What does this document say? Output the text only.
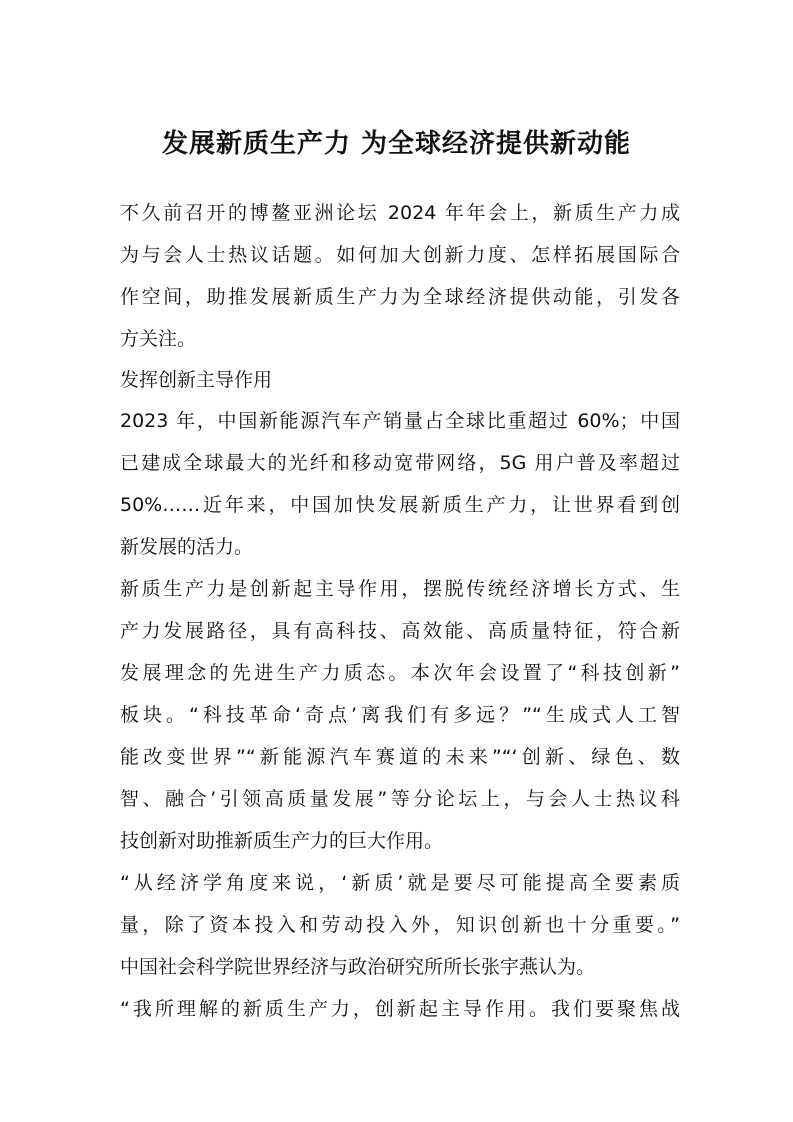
发展新质生产力 为全球经济提供新动能

不久前召开的博鳌亚洲论坛 2024 年年会上，新质生产力成

为与会人士热议话题。如何加大创新力度、怎样拓展国际合

作空间，助推发展新质生产力为全球经济提供动能，引发各

方关注。

发挥创新主导作用

2023 年，中国新能源汽车产销量占全球比重超过 60%；中国

已建成全球最大的光纤和移动宽带网络，5G 用户普及率超过

50%……近年来，中国加快发展新质生产力，让世界看到创

新发展的活力。

新质生产力是创新起主导作用，摆脱传统经济增长方式、生

产力发展路径，具有高科技、高效能、高质量特征，符合新

发展理念的先进生产力质态。本次年会设置了“科技创新”

板块。“科技革命‘奇点’离我们有多远？”“生成式人工智

能改变世界”“新能源汽车赛道的未来”“‘创新、绿色、数

智、融合’引领高质量发展”等分论坛上，与会人士热议科

技创新对助推新质生产力的巨大作用。

“从经济学角度来说，‘新质’就是要尽可能提高全要素质

量，除了资本投入和劳动投入外，知识创新也十分重要。”

中国社会科学院世界经济与政治研究所所长张宇燕认为。

“我所理解的新质生产力，创新起主导作用。我们要聚焦战
